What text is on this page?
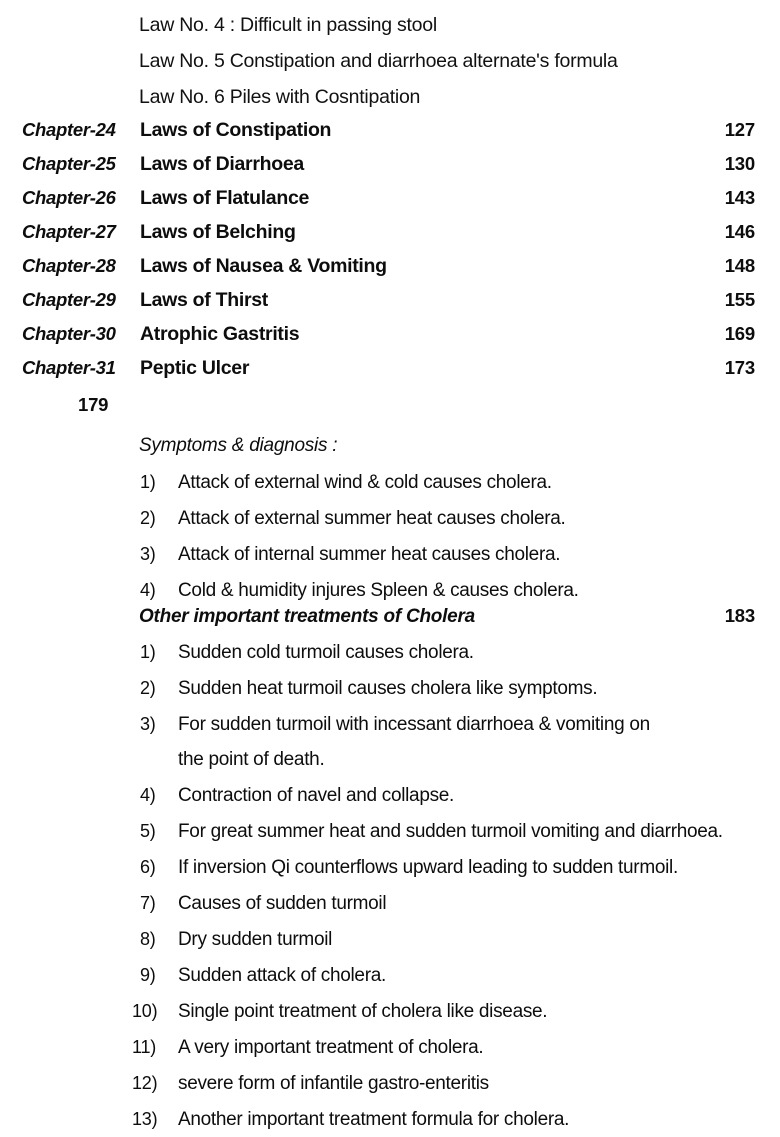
Law No. 4 : Difficult in passing stool
Law No. 5 Constipation and diarrhoea alternate's formula
Law No. 6 Piles with Cosntipation
Chapter-24	Laws of Constipation	127
Chapter-25	Laws of Diarrhoea	130
Chapter-26	Laws of Flatulance	143
Chapter-27	Laws of Belching	146
Chapter-28	Laws of Nausea & Vomiting	148
Chapter-29	Laws of Thirst	155
Chapter-30	Atrophic Gastritis	169
Chapter-31	Peptic Ulcer	173
179
Symptoms & diagnosis :
1)	Attack of external wind & cold causes cholera.
2)	Attack of external summer heat causes cholera.
3)	Attack of internal summer heat causes cholera.
4)	Cold & humidity injures Spleen & causes cholera.
Other important treatments of Cholera	183
1)	Sudden cold turmoil causes cholera.
2)	Sudden heat turmoil causes cholera like symptoms.
3)	For sudden turmoil with incessant diarrhoea & vomiting on
the point of death.
4)	Contraction of navel and collapse.
5)	For great summer heat and sudden turmoil vomiting and diarrhoea.
6)	If inversion Qi counterflows upward leading to sudden turmoil.
7)	Causes of sudden turmoil
8)	Dry sudden turmoil
9)	Sudden attack of cholera.
10)	Single point treatment of cholera like disease.
11)	A very important treatment of cholera.
12)	severe form of infantile gastro-enteritis
13)	Another important treatment formula for cholera.
